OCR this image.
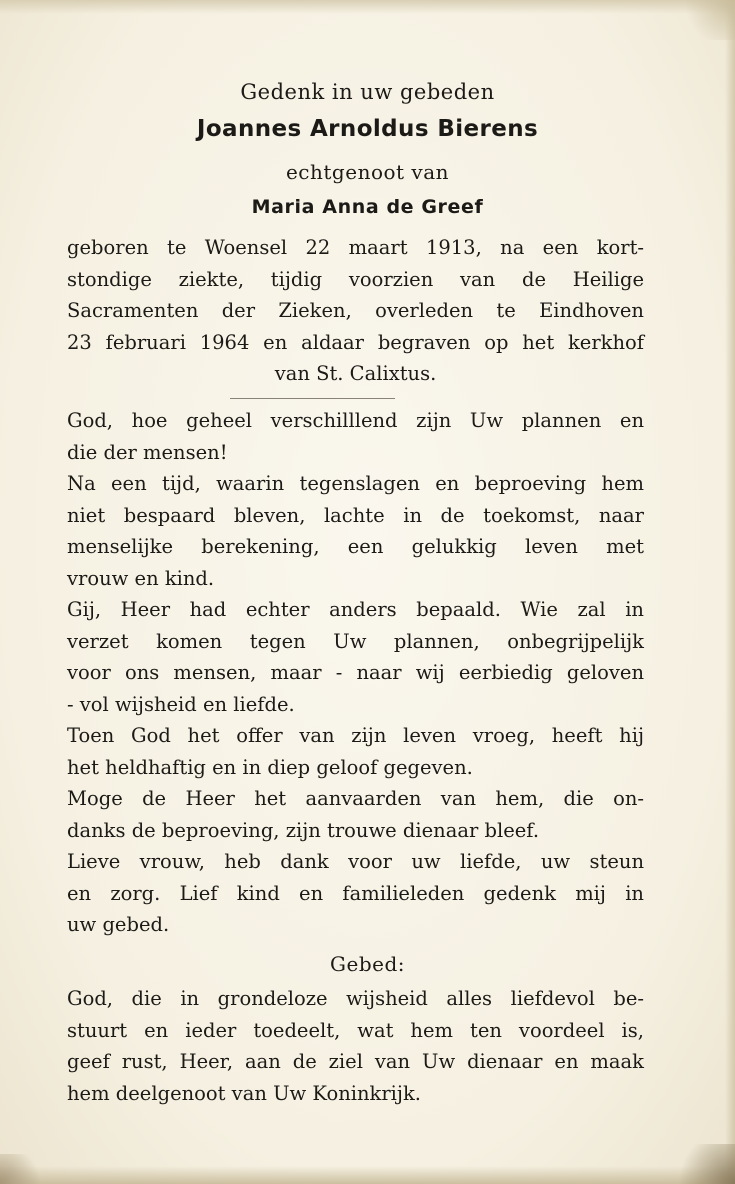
Gedenk in uw gebeden
Joannes Arnoldus Bierens
echtgenoot van
Maria Anna de Greef
geboren te Woensel 22 maart 1913, na een kort-
stondige ziekte, tijdig voorzien van de Heilige
Sacramenten der Zieken, overleden te Eindhoven
23 februari 1964 en aldaar begraven op het kerkhof
van St. Calixtus.
God, hoe geheel verschilllend zijn Uw plannen en
die der mensen!
Na een tijd, waarin tegenslagen en beproeving hem
niet bespaard bleven, lachte in de toekomst, naar
menselijke berekening, een gelukkig leven met
vrouw en kind.
Gij, Heer had echter anders bepaald. Wie zal in
verzet komen tegen Uw plannen, onbegrijpelijk
voor ons mensen, maar - naar wij eerbiedig geloven
- vol wijsheid en liefde.
Toen God het offer van zijn leven vroeg, heeft hij
het heldhaftig en in diep geloof gegeven.
Moge de Heer het aanvaarden van hem, die on-
danks de beproeving, zijn trouwe dienaar bleef.
Lieve vrouw, heb dank voor uw liefde, uw steun
en zorg. Lief kind en familieleden gedenk mij in
uw gebed.
Gebed:
God, die in grondeloze wijsheid alles liefdevol be-
stuurt en ieder toedeelt, wat hem ten voordeel is,
geef rust, Heer, aan de ziel van Uw dienaar en maak
hem deelgenoot van Uw Koninkrijk.
